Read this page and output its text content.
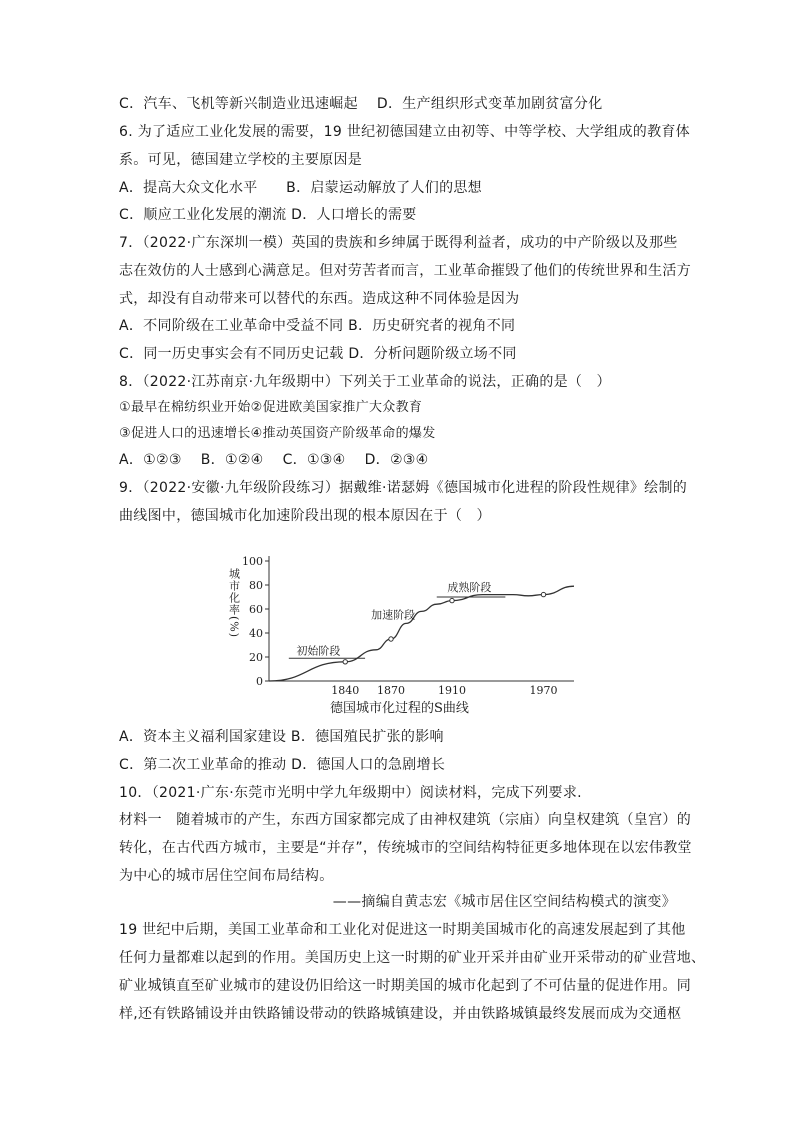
C．汽车、飞机等新兴制造业迅速崛起　 D．生产组织形式变革加剧贫富分化
6. 为了适应工业化发展的需要，19 世纪初德国建立由初等、中等学校、大学组成的教育体
系。可见，德国建立学校的主要原因是
A．提高大众文化水平　　B．启蒙运动解放了人们的思想
C．顺应工业化发展的潮流 D．人口增长的需要
7．（2022·广东深圳一模）英国的贵族和乡绅属于既得利益者，成功的中产阶级以及那些
志在效仿的人士感到心满意足。但对劳苦者而言，工业革命摧毁了他们的传统世界和生活方
式，却没有自动带来可以替代的东西。造成这种不同体验是因为
A．不同阶级在工业革命中受益不同 B．历史研究者的视角不同
C．同一历史事实会有不同历史记载 D．分析问题阶级立场不同
8．（2022·江苏南京·九年级期中）下列关于工业革命的说法，正确的是（　）
①最早在棉纺织业开始②促进欧美国家推广大众教育
③促进人口的迅速增长④推动英国资产阶级革命的爆发
A．①②③　 B．①②④　 C．①③④　 D．②③④
9．（2022·安徽·九年级阶段练习）据戴维·诺瑟姆《德国城市化进程的阶段性规律》绘制的
曲线图中，德国城市化加速阶段出现的根本原因在于（　）
0
20
40
60
80
100
1840 1870	1910	1970
城市化率(%)
初始阶段
加速阶段
成熟阶段
德国城市化过程的S曲线
A．资本主义福利国家建设 B．德国殖民扩张的影响
C．第二次工业革命的推动 D．德国人口的急剧增长
10．（2021·广东·东莞市光明中学九年级期中）阅读材料，完成下列要求.
材料一　随着城市的产生，东西方国家都完成了由神权建筑（宗庙）向皇权建筑（皇宫）的
转化，在古代西方城市，主要是“并存”，传统城市的空间结构特征更多地体现在以宏伟教堂
为中心的城市居住空间布局结构。
——摘编自黄志宏《城市居住区空间结构模式的演变》
19 世纪中后期，美国工业革命和工业化对促进这一时期美国城市化的高速发展起到了其他
任何力量都难以起到的作用。美国历史上这一时期的矿业开采并由矿业开采带动的矿业营地、
矿业城镇直至矿业城市的建设仍旧给这一时期美国的城市化起到了不可估量的促进作用。同
样,还有铁路铺设并由铁路铺设带动的铁路城镇建设，并由铁路城镇最终发展而成为交通枢
